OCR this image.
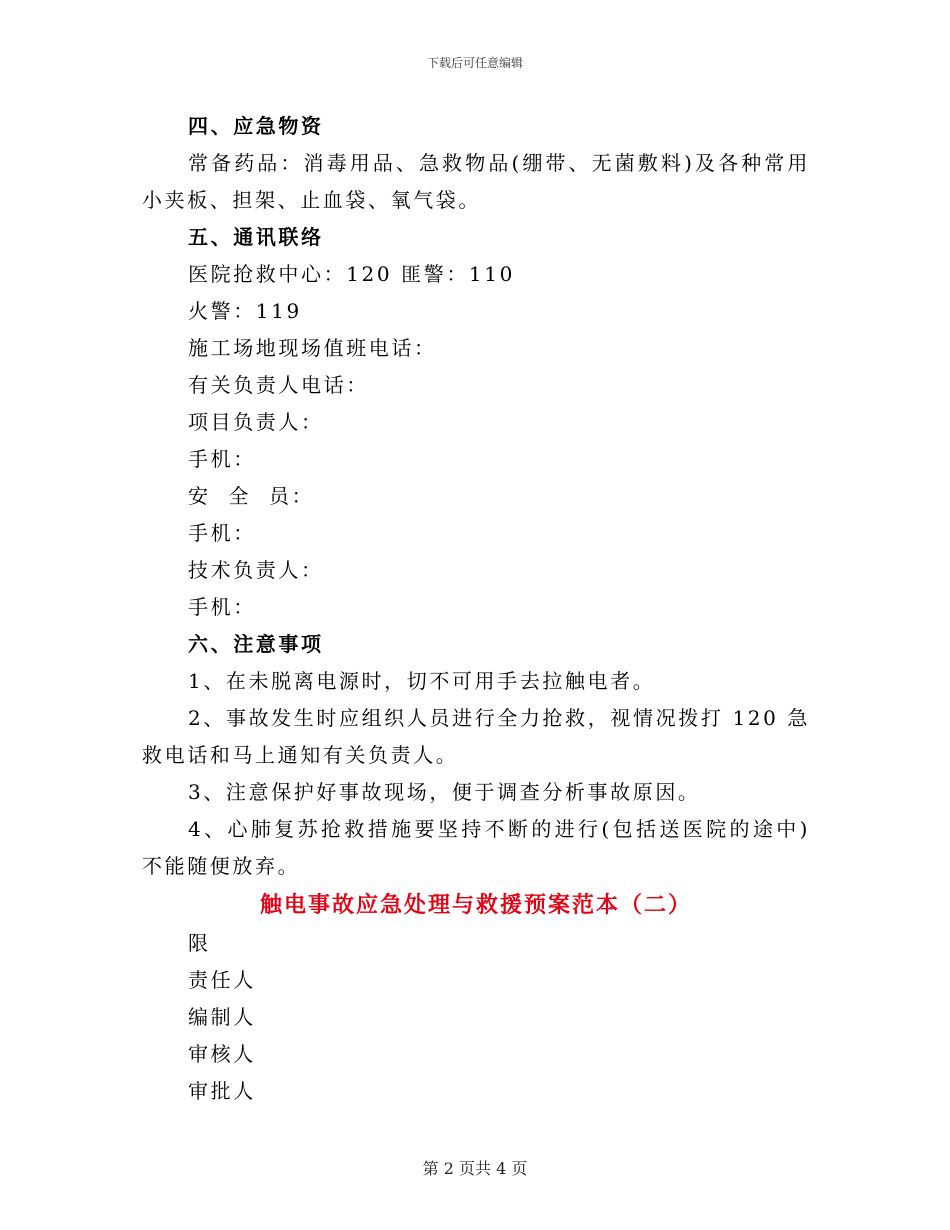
下载后可任意编辑
四、应急物资
常备药品：消毒用品、急救物品(绷带、无菌敷料)及各种常用小夹板、担架、止血袋、氧气袋。
五、通讯联络
医院抢救中心：120 匪警：110
火警：119
施工场地现场值班电话：
有关负责人电话：
项目负责人：
手机：
安  全  员：
手机：
技术负责人：
手机：
六、注意事项
1、在未脱离电源时，切不可用手去拉触电者。
2、事故发生时应组织人员进行全力抢救，视情况拨打 120 急救电话和马上通知有关负责人。
3、注意保护好事故现场，便于调查分析事故原因。
4、心肺复苏抢救措施要坚持不断的进行(包括送医院的途中)不能随便放弃。
触电事故应急处理与救援预案范本（二）
限
责任人
编制人
审核人
审批人
第 2 页共 4 页
